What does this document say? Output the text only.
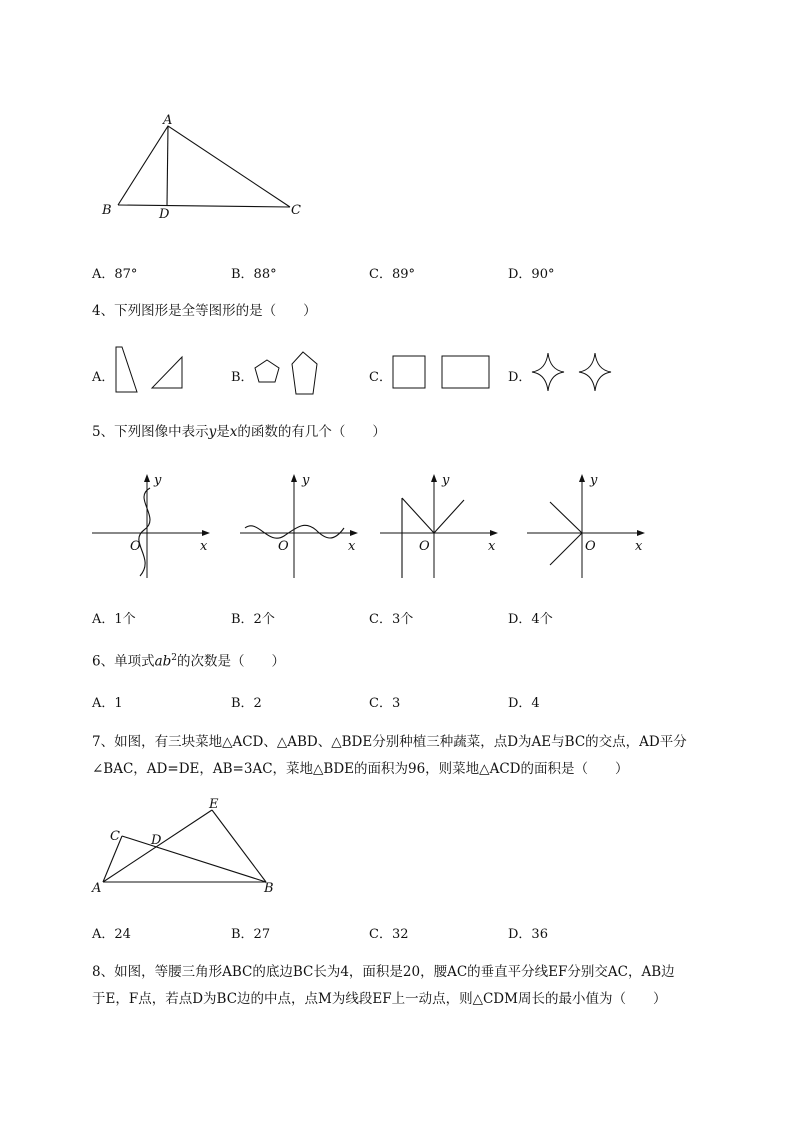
A
B	D	C
A．87°	B．88°	C．89°	D．90°
4、下列图形是全等图形的是（　　）
A．	B．	C．	D．
5、下列图像中表示y是x的函数的有几个（　　）
O	x
y
O	x
y
O	x
y
O	x
y
A．1个	B．2个	C．3个	D．4个
6、单项式$ab^2$的次数是（　　）
A．1	B．2	C．3	D．4
7、如图，有三块菜地△ACD、△ABD、△BDE分别种植三种蔬菜，点D为AE与BC的交点，AD平分
∠BAC，AD=DE，AB=3AC，菜地△BDE的面积为96，则菜地△ACD的面积是（　　）
A	B
C D
E
A．24	B．27	C．32	D．36
8、如图，等腰三角形ABC的底边BC长为4，面积是20，腰AC的垂直平分线EF分别交AC，AB边
于E，F点，若点D为BC边的中点，点M为线段EF上一动点，则△CDM周长的最小值为（　　）
